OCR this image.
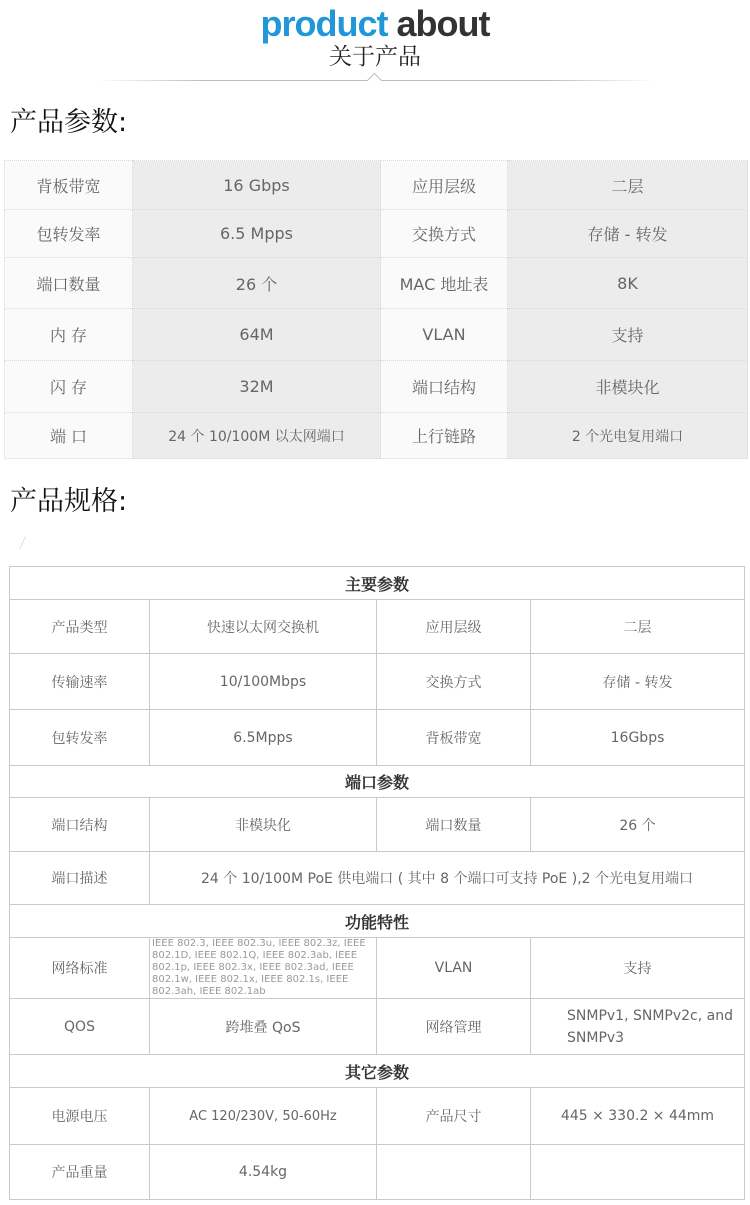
product about
关于产品
产品参数:
背板带宽	16 Gbps	应用层级	二层
包转发率	6.5 Mpps	交换方式	存储 - 转发
端口数量	26 个	MAC 地址表	8K
内 存	64M	VLAN	支持
闪 存	32M	端口结构	非模块化
端 口	24 个 10/100M 以太网端口	上行链路	2 个光电复用端口
产品规格:
主要参数			
产品类型	快速以太网交换机	应用层级	二层
传输速率	10/100Mbps	交换方式	存储 - 转发
包转发率	6.5Mpps	背板带宽	16Gbps
端口参数			
端口结构	非模块化	端口数量	26 个
端口描述	24 个 10/100M PoE 供电端口 ( 其中 8 个端口可支持 PoE ),2 个光电复用端口		
功能特性			
网络标准	IEEE 802.3, IEEE 802.3u, IEEE 802.3z, IEEE 802.1D, IEEE 802.1Q, IEEE 802.3ab, IEEE 802.1p, IEEE 802.3x, IEEE 802.3ad, IEEE 802.1w, IEEE 802.1x, IEEE 802.1s, IEEE 802.3ah, IEEE 802.1ab	VLAN	支持
QOS	跨堆叠 QoS	网络管理	SNMPv1, SNMPv2c, and SNMPv3
其它参数			
电源电压	AC 120/230V, 50-60Hz	产品尺寸	445 × 330.2 × 44mm
产品重量	4.54kg		
